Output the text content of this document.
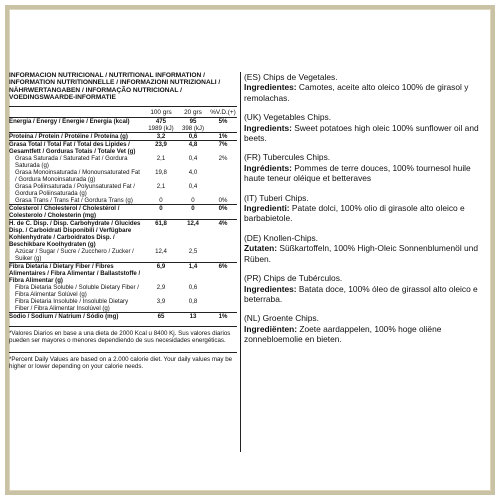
INFORMACION NUTRICIONAL / NUTRITIONAL INFORMATION / INFORMATION NUTRITIONNELLE / INFORMAZIONI NUTRIZIONALI / NÄHRWERTANGABEN / INFORMAÇÃO NUTRICIONAL / VOEDINGSWAARDE-INFORMATIE
100 grs	20 grs	%V.D.(+)
Energía / Energy / Énergie / Energia (kcal)	475	95	5%
	1989 (kJ)	398 (kJ)	
Proteína / Protein / Protéine / Proteína (g)	3,2	0,6	1%
Grasa Total / Total Fat / Total des Lipides / Gesamtfett / Gorduras Totais / Totale Vet (g)	23,9	4,8	7%
Grasa Saturada / Saturated Fat / Gordura Saturada (g)	2,1	0,4	2%
Grasa Monoinsaturada / Monounsaturated Fat / Gordura Monoinsaturada (g)	19,8	4,0	
Grasa Poliinsaturada / Polyunsaturated Fat / Gordura Poliinsaturada (g)	2,1	0,4	
Grasa Trans / Trans Fat / Gordura Trans (g)	0	0	0%
Colesterol / Cholesterol / Cholestérol / Colesterolo / Cholesterin (mg)	0	0	0%
H. de C. Disp. / Disp. Carbohydrate / Glucides Disp. / Carboidrati Disponibili / Verfügbare Kohlenhydrate / Carboidratos Disp. / Beschikbare Koolhydraten (g)	61,8	12,4	4%
Azúcar / Sugar / Sucre / Zucchero / Zucker / Suiker (g)	12,4	2,5	
Fibra Dietaria / Dietary Fiber / Fibres Alimentaires / Fibra Alimentar / Ballaststoffe / Fibra Alimentar (g)	6,9	1,4	6%
Fibra Dietaria Soluble / Soluble Dietary Fiber / Fibra Alimentar Solúvel (g)	2,9	0,6	
Fibra Dietaria Insoluble / Insoluble Dietary Fiber / Fibra Alimentar Insolúvel (g)	3,9	0,8	
Sodio / Sodium / Natrium / Sódio (mg)	65	13	1%
*Valores Diarios en base a una dieta de 2000 Kcal u 8400 Kj. Sus valores diarios pueden ser mayores o menores dependiendo de sus necesidades energéticas.
*Percent Daily Values are based on a 2.000 calorie diet. Your daily values may be higher or lower depending on your calorie needs.
(ES) Chips de Vegetales.
Ingredientes: Camotes, aceite alto oleico 100% de girasol y remolachas.
(UK) Vegetables Chips.
Ingredients: Sweet potatoes high oleic 100% sunflower oil and beets.
(FR) Tubercules Chips.
Ingrédients: Pommes de terre douces, 100% tournesol huile haute teneur oléique et betteraves
(IT) Tuberi Chips.
Ingredienti: Patate dolci, 100% olio di girasole alto oleico e barbabietole.
(DE) Knollen-Chips.
Zutaten: Süßkartoffeln, 100% High-Oleic Sonnenblumenöl und Rüben.
(PR) Chips de Tubérculos.
Ingredientes: Batata doce, 100% óleo de girassol alto oleico e beterraba.
(NL) Groente Chips.
Ingrediënten: Zoete aardappelen, 100% hoge oliëne zonnebloemolie en bieten.
